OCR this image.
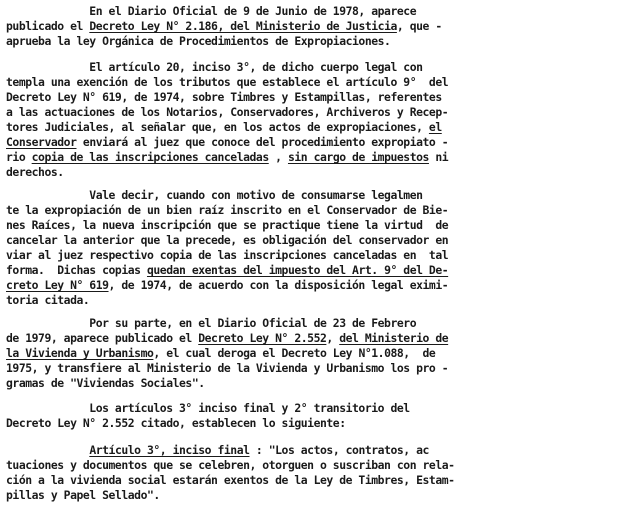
En el Diario Oficial de 9 de Junio de 1978, aparece
publicado el Decreto Ley N° 2.186, del Ministerio de Justicia, que -
aprueba la ley Orgánica de Procedimientos de Expropiaciones.
El artículo 20, inciso 3°, de dicho cuerpo legal con
templa una exención de los tributos que establece el artículo 9°  del
Decreto Ley N° 619, de 1974, sobre Timbres y Estampillas, referentes
a las actuaciones de los Notarios, Conservadores, Archiveros y Recep-
tores Judiciales, al señalar que, en los actos de expropiaciones, el
Conservador enviará al juez que conoce del procedimiento expropiato -
rio copia de las inscripciones canceladas , sin cargo de impuestos ni
derechos.
Vale decir, cuando con motivo de consumarse legalmen
te la expropiación de un bien raíz inscrito en el Conservador de Bie-
nes Raíces, la nueva inscripción que se practique tiene la virtud  de
cancelar la anterior que la precede, es obligación del conservador en
viar al juez respectivo copia de las inscripciones canceladas en  tal
forma.  Dichas copias quedan exentas del impuesto del Art. 9° del De-
creto Ley N° 619, de 1974, de acuerdo con la disposición legal eximi-
toria citada.
Por su parte, en el Diario Oficial de 23 de Febrero
de 1979, aparece publicado el Decreto Ley N° 2.552, del Ministerio de
la Vivienda y Urbanismo, el cual deroga el Decreto Ley N°1.088,  de
1975, y transfiere al Ministerio de la Vivienda y Urbanismo los pro -
gramas de "Viviendas Sociales".
Los artículos 3° inciso final y 2° transitorio del
Decreto Ley N° 2.552 citado, establecen lo siguiente:
Artículo 3°, inciso final : "Los actos, contratos, ac
tuaciones y documentos que se celebren, otorguen o suscriban con rela-
ción a la vivienda social estarán exentos de la Ley de Timbres, Estam-
pillas y Papel Sellado".
